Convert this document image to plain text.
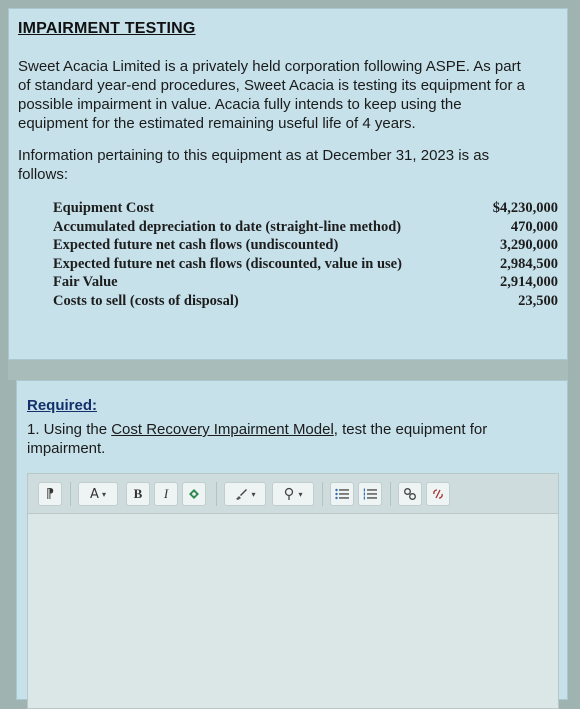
IMPAIRMENT TESTING
Sweet Acacia Limited is a privately held corporation following ASPE. As part
of standard year-end procedures, Sweet Acacia is testing its equipment for a
possible impairment in value. Acacia fully intends to keep using the
equipment for the estimated remaining useful life of 4 years.
Information pertaining to this equipment as at December 31, 2023 is as
follows:
Equipment Cost	$4,230,000
Accumulated depreciation to date (straight-line method)	470,000
Expected future net cash flows (undiscounted)	3,290,000
Expected future net cash flows (discounted, value in use)	2,984,500
Fair Value	2,914,000
Costs to sell (costs of disposal)	23,500
Required:
1. Using the Cost Recovery Impairment Model, test the equipment for
impairment.
⁋	A ▾ B I	▾	▾
